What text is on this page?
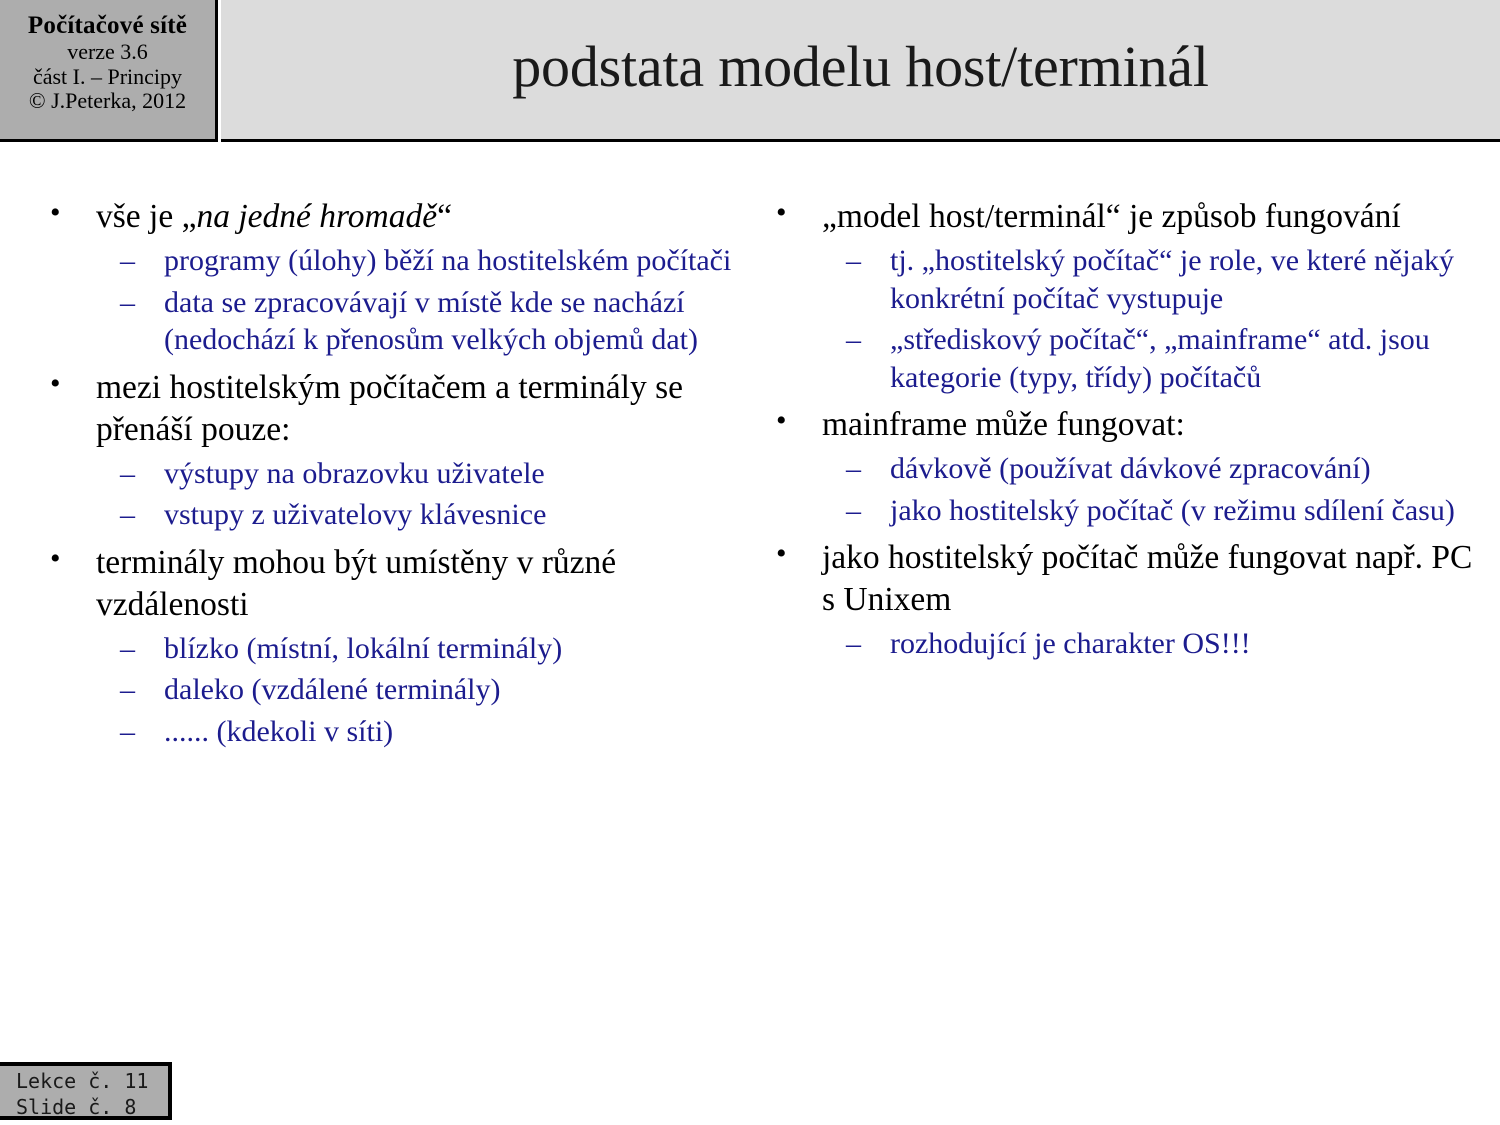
Počítačové sítě
verze 3.6
část I. – Principy
© J.Peterka, 2012
podstata modelu host/terminál
• vše je „na jedné hromadě“
– programy (úlohy) běží na hostitelském počítači
– data se zpracovávají v místě kde se nachází (nedochází k přenosům velkých objemů dat)
• mezi hostitelským počítačem a terminály se přenáší pouze:
– výstupy na obrazovku uživatele
– vstupy z uživatelovy klávesnice
• terminály mohou být umístěny v různé vzdálenosti
– blízko (místní, lokální terminály)
– daleko (vzdálené terminály)
– ...... (kdekoli v síti)
• „model host/terminál“ je způsob fungování
– tj. „hostitelský počítač“ je role, ve které nějaký konkrétní počítač vystupuje
– „střediskový počítač“, „mainframe“ atd. jsou kategorie (typy, třídy) počítačů
• mainframe může fungovat:
– dávkově (používat dávkové zpracování)
– jako hostitelský počítač (v režimu sdílení času)
• jako hostitelský počítač může fungovat např. PC s Unixem
– rozhodující je charakter OS!!!
Lekce č. 11
Slide č. 8
